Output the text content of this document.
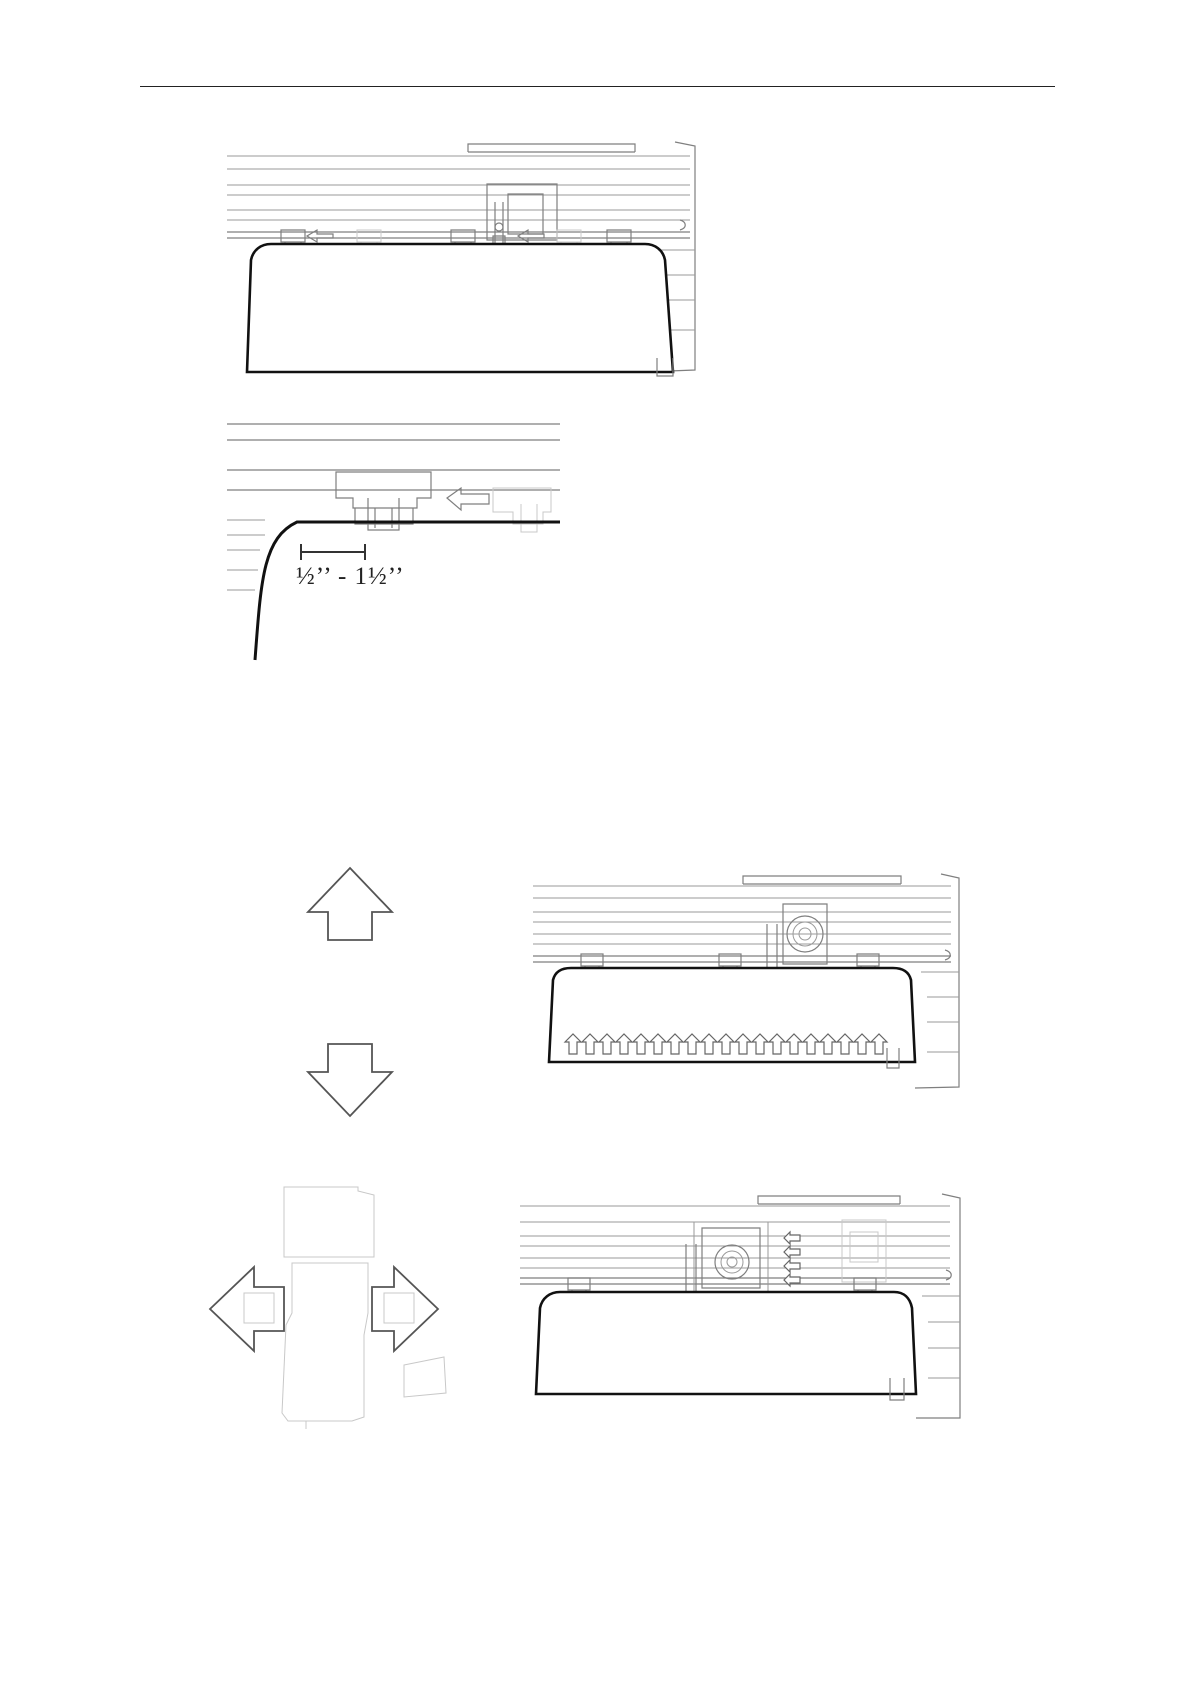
½’’ - 1½’’
